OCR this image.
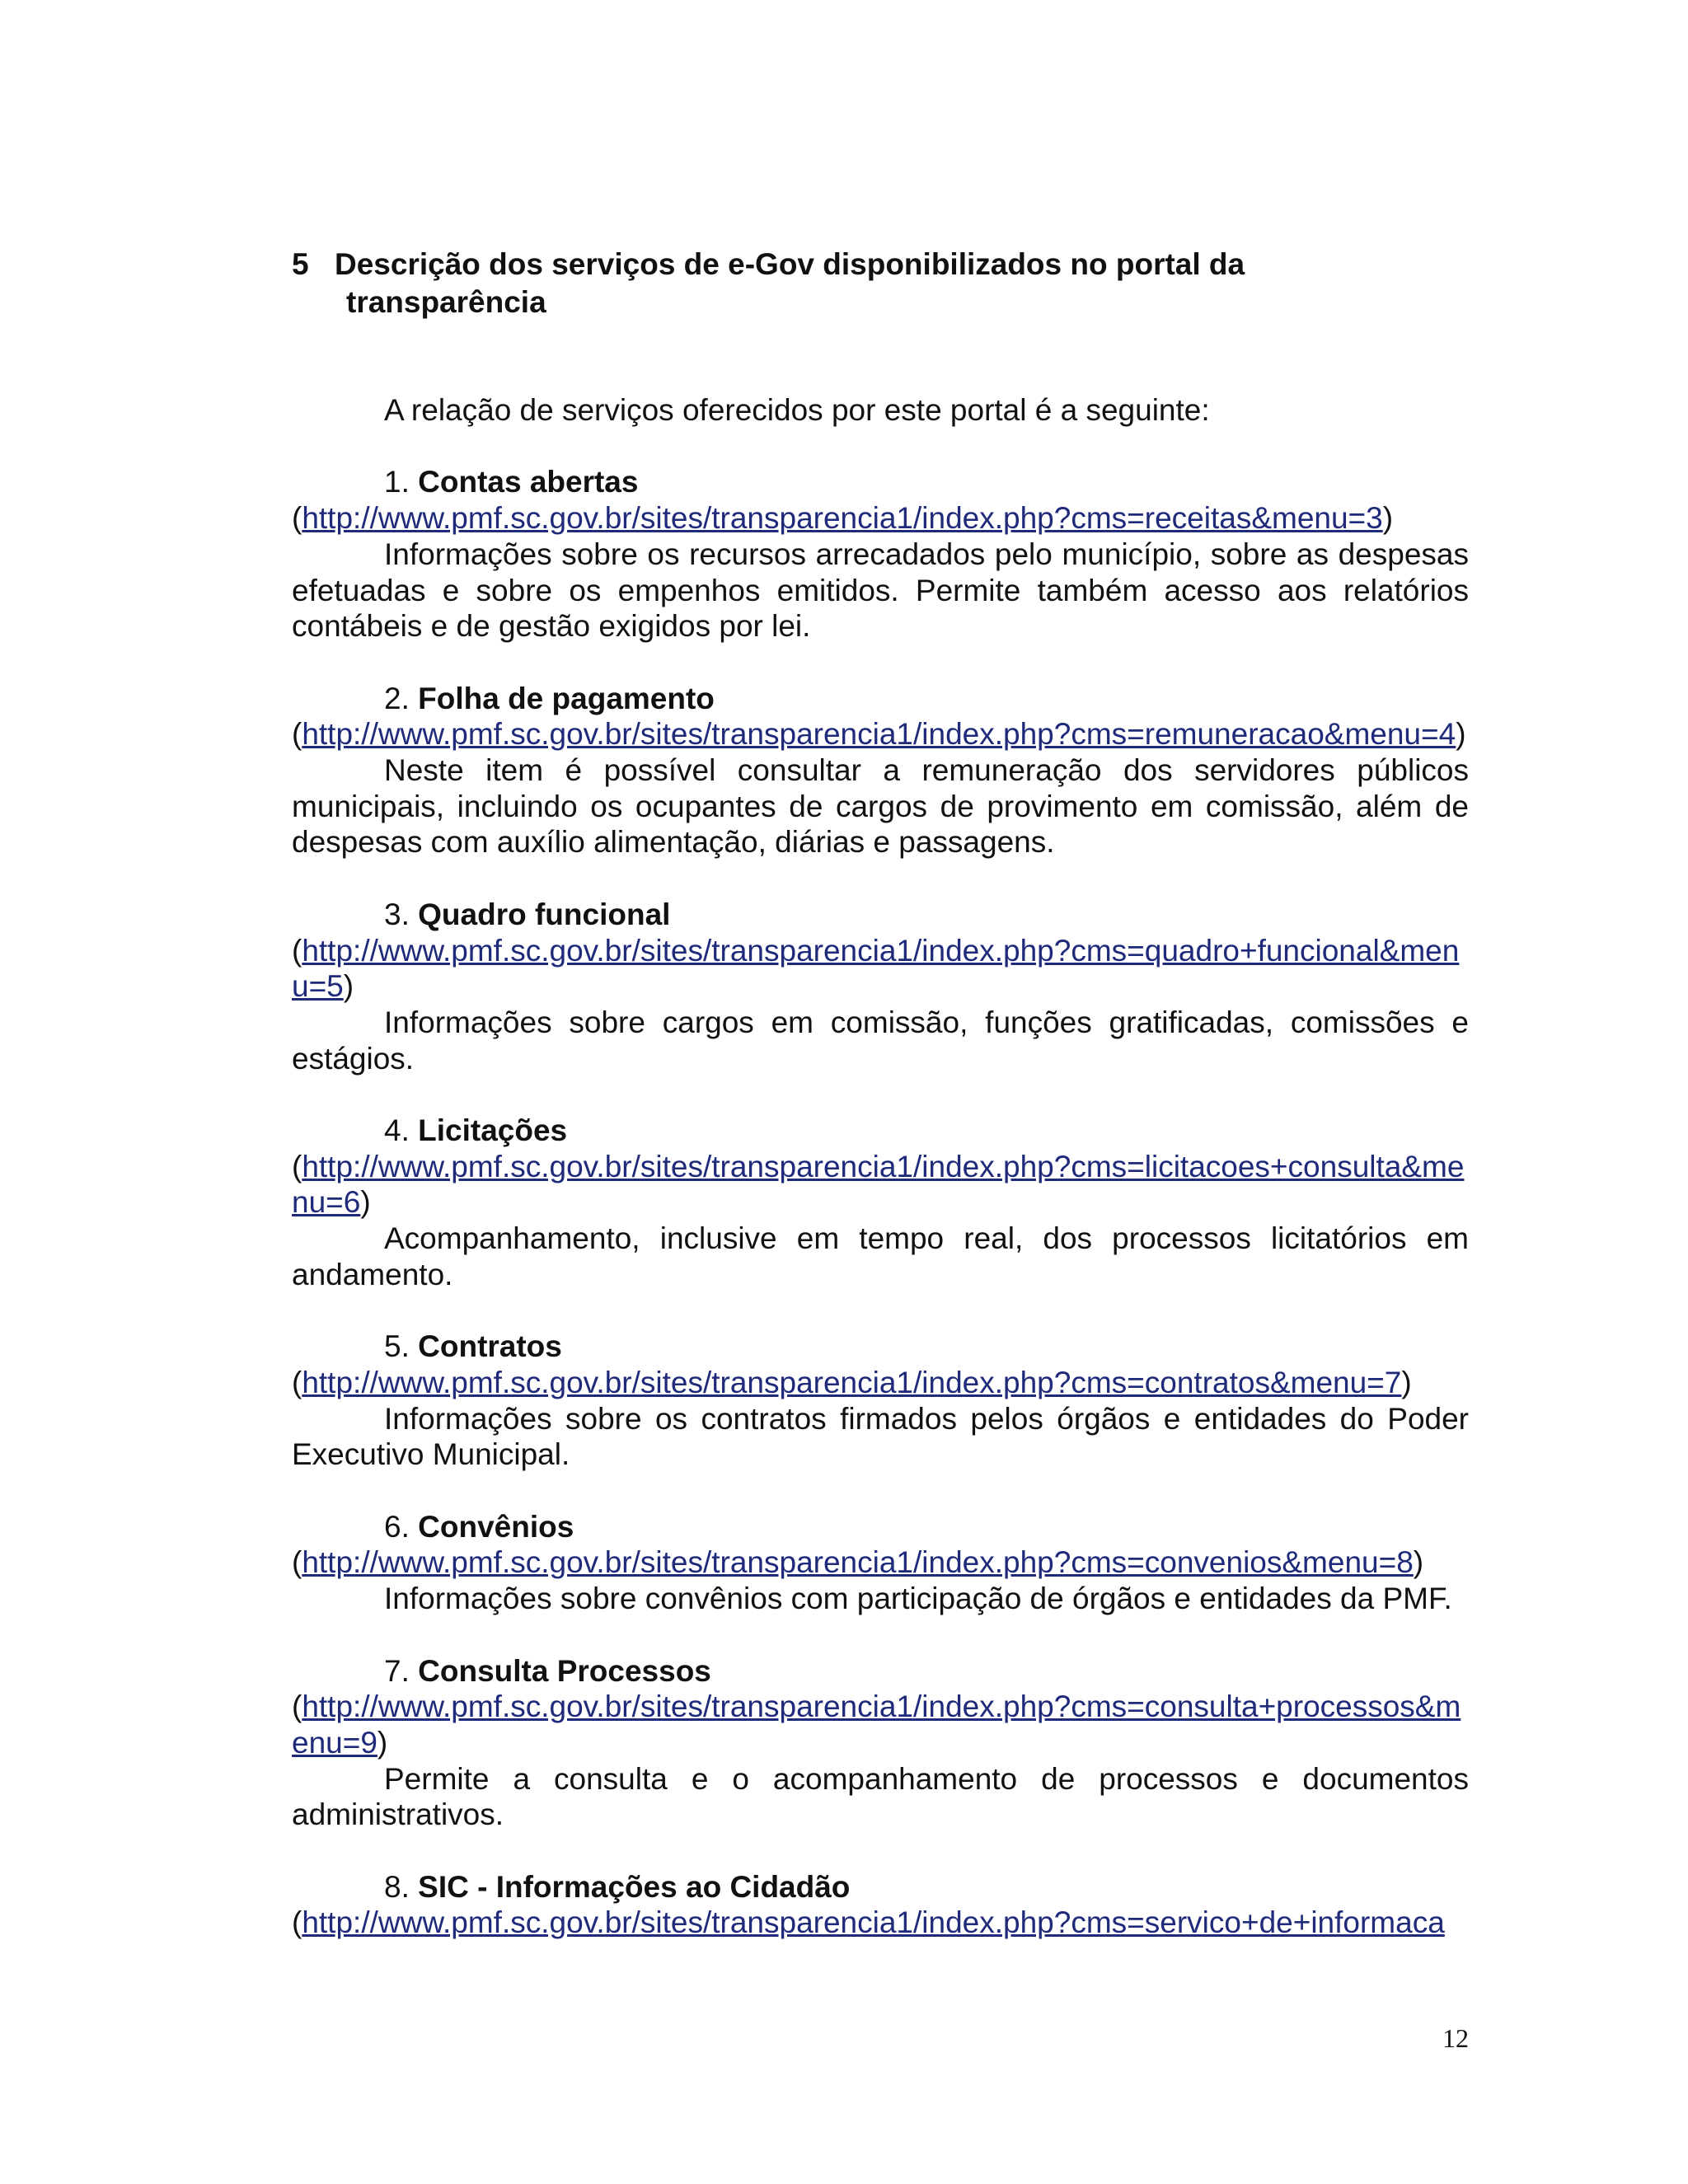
5 Descrição dos serviços de e-Gov disponibilizados no portal da
transparência

A relação de serviços oferecidos por este portal é a seguinte:

1. Contas abertas
(http://www.pmf.sc.gov.br/sites/transparencia1/index.php?cms=receitas&menu=3)
Informações sobre os recursos arrecadados pelo município, sobre as despesas efetuadas e sobre os empenhos emitidos. Permite também acesso aos relatórios contábeis e de gestão exigidos por lei.
2. Folha de pagamento
(http://www.pmf.sc.gov.br/sites/transparencia1/index.php?cms=remuneracao&menu=4)
Neste item é possível consultar a remuneração dos servidores públicos municipais, incluindo os ocupantes de cargos de provimento em comissão, além de despesas com auxílio alimentação, diárias e passagens.
3. Quadro funcional
(http://www.pmf.sc.gov.br/sites/transparencia1/index.php?cms=quadro+funcional&menu=5)
Informações sobre cargos em comissão, funções gratificadas, comissões e estágios.
4. Licitações
(http://www.pmf.sc.gov.br/sites/transparencia1/index.php?cms=licitacoes+consulta&menu=6)
Acompanhamento, inclusive em tempo real, dos processos licitatórios em andamento.
5. Contratos
(http://www.pmf.sc.gov.br/sites/transparencia1/index.php?cms=contratos&menu=7)
Informações sobre os contratos firmados pelos órgãos e entidades do Poder Executivo Municipal.
6. Convênios
(http://www.pmf.sc.gov.br/sites/transparencia1/index.php?cms=convenios&menu=8)
Informações sobre convênios com participação de órgãos e entidades da PMF.
7. Consulta Processos
(http://www.pmf.sc.gov.br/sites/transparencia1/index.php?cms=consulta+processos&menu=9)
Permite a consulta e o acompanhamento de processos e documentos administrativos.
8. SIC - Informações ao Cidadão
(http://www.pmf.sc.gov.br/sites/transparencia1/index.php?cms=servico+de+informaca
12
